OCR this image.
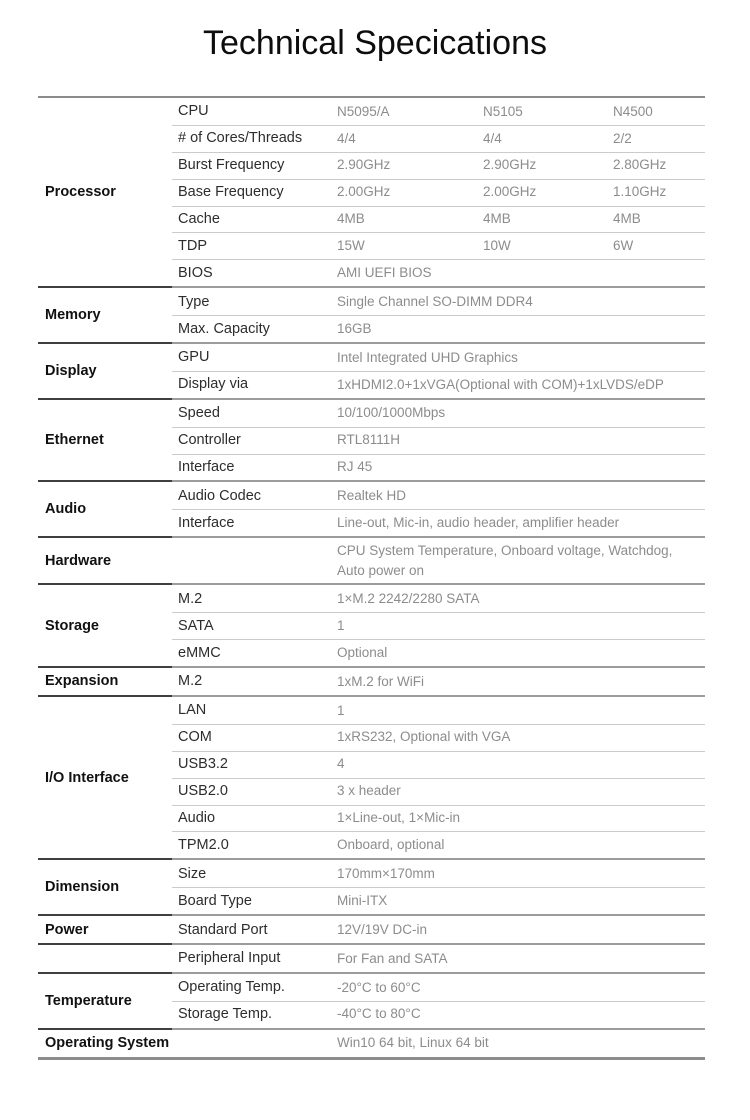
Technical Specications
Processor
CPU	N5095/A	N5105	N4500
# of Cores/Threads	4/4	4/4	2/2
Burst Frequency	2.90GHz	2.90GHz	2.80GHz
Base Frequency	2.00GHz	2.00GHz	1.10GHz
Cache	4MB	4MB	4MB
TDP	15W	10W	6W
BIOS	AMI UEFI BIOS
Memory
Type	Single Channel SO-DIMM DDR4
Max. Capacity	16GB
Display
GPU	Intel Integrated UHD Graphics
Display via	1xHDMI2.0+1xVGA(Optional with COM)+1xLVDS/eDP
Ethernet
Speed	10/100/1000Mbps
Controller	RTL8111H
Interface	RJ 45
Audio
Audio Codec	Realtek HD
Interface	Line-out, Mic-in, audio header, amplifier header
Hardware
CPU System Temperature, Onboard voltage, Watchdog, Auto power on
Storage
M.2	1×M.2 2242/2280 SATA
SATA	1
eMMC	Optional
Expansion	M.2	1xM.2 for WiFi
I/O Interface
LAN	1
COM	1xRS232, Optional with VGA
USB3.2	4
USB2.0	3 x header
Audio	1×Line-out, 1×Mic-in
TPM2.0	Onboard, optional
Dimension
Size	170mm×170mm
Board Type	Mini-ITX
Power	Standard Port	12V/19V DC-in
Peripheral Input	For Fan and SATA
Temperature
Operating Temp.	-20°C to 60°C
Storage Temp.	-40°C to 80°C
Operating System	Win10 64 bit, Linux 64 bit
